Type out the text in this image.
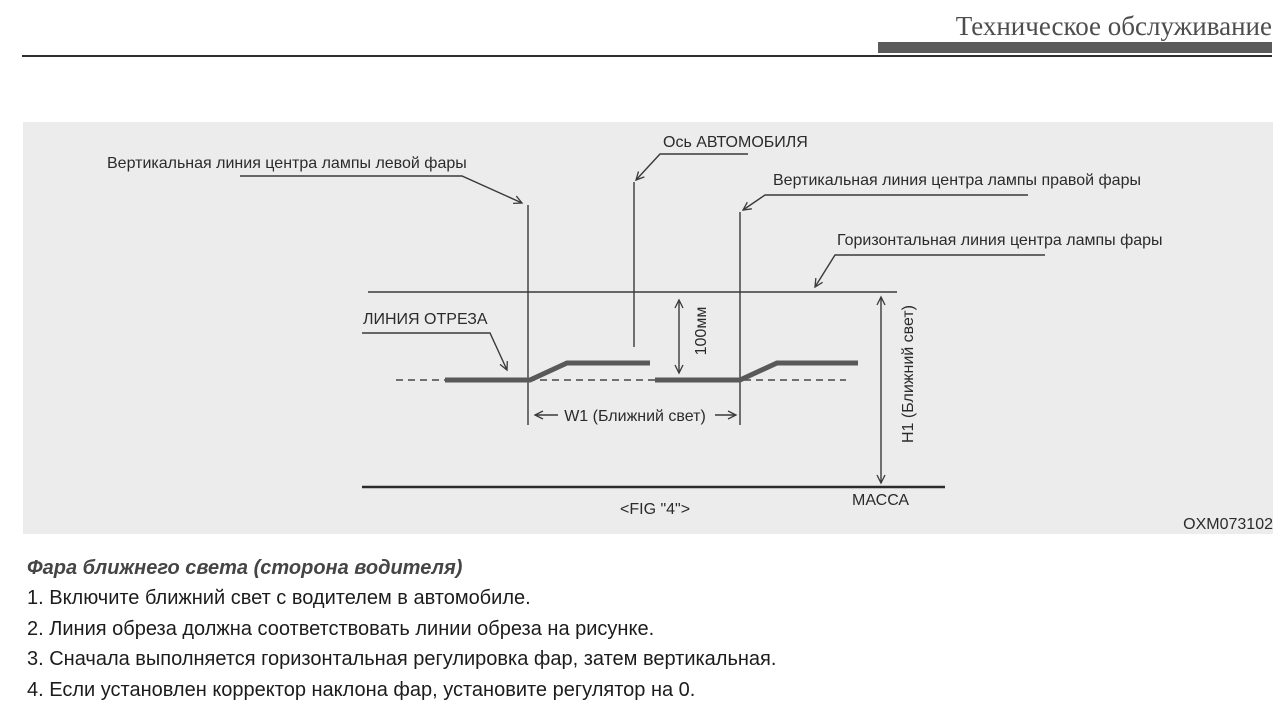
Техническое обслуживание
Вертикальная линия центра лампы левой фары
Ось АВТОМОБИЛЯ
Вертикальная линия центра лампы правой фары
Горизонтальная линия центра лампы фары
ЛИНИЯ ОТРЕЗА	100мм
W1 (Ближний свет)	H1 (Ближний свет)
МАССА
<FIG "4">
OXM073102
Фара ближнего света (сторона водителя)
1. Включите ближний свет с водителем в автомобиле.
2. Линия обреза должна соответствовать линии обреза на рисунке.
3. Сначала выполняется горизонтальная регулировка фар, затем вертикальная.
4. Если установлен корректор наклона фар, установите регулятор на 0.
